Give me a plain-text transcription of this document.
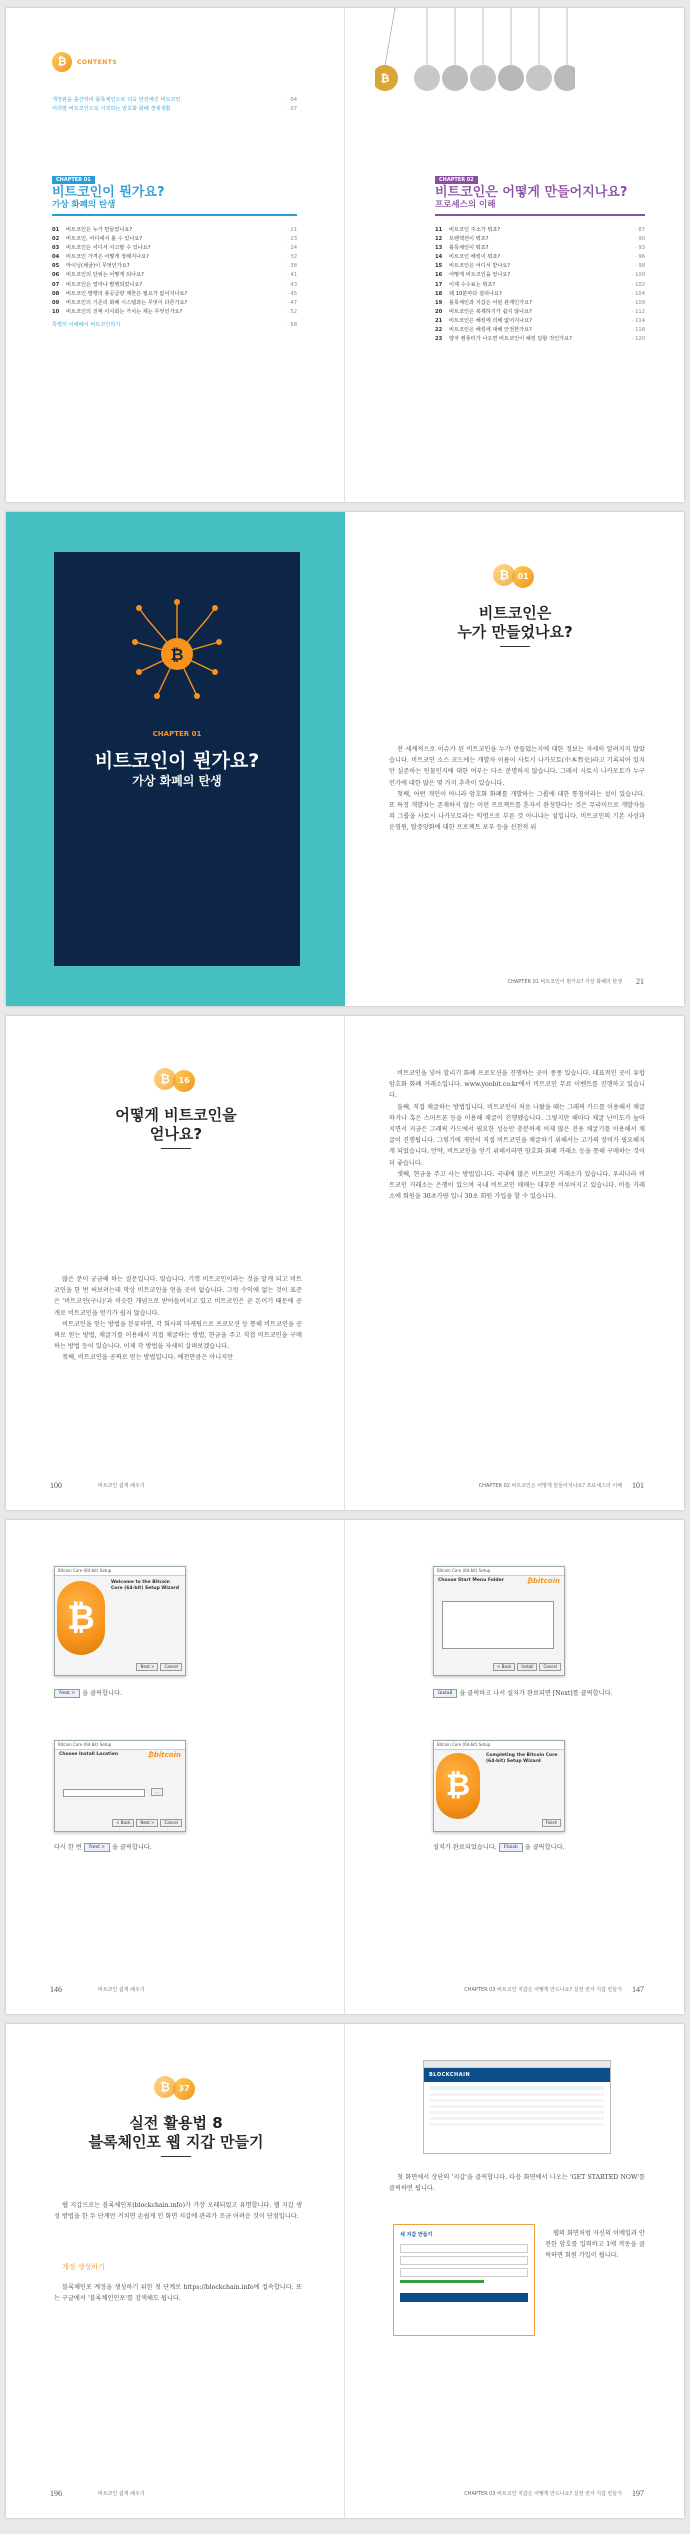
₿	CONTENTS
개정판을 출간하며 블록체인으로 더욱 안전해진 비트코인	· 04
머리말 비트코인으로 시작하는 암호화 화폐 경제생활	· 07
CHAPTER 01
비트코인이 뭔가요?
가상 화폐의 탄생
01	비트코인은 누가 만들었나요?	· 21
02	비트코인, 어디에서 볼 수 있나요?	· 23
03	비트코인은 어디서 사고팔 수 있나요?	· 24
04	비트코인 가격은 어떻게 정해지나요?	· 32
05	마이닝(채굴)이 무엇인가요?	· 38
06	비트코인의 단위는 어떻게 되나요?	· 41
07	비트코인은 얼마나 발행되었나요?	· 43
08	비트코인 발행의 총공급량 제한은 필요가 없어지나요?	· 45
09	비트코인의 기존의 화폐 시스템과는 무엇이 다른가요?	· 47
10	비트코인의 진짜 이사회는 가치는 재는 무엇인가요?	· 52
특별히 이해해서 비트코인하기	· 58
₿
CHAPTER 02
비트코인은 어떻게 만들어지나요?
프로세스의 이해
11	비트코인 주소가 뭐죠?	· 87
12	트랜잭션이 뭐죠?	· 90
13	블록체인이 뭐죠?	· 93
14	비트코인 해킹이 뭐죠?	· 96
15	비트코인은 어디서 받나요?	· 98
16	어떻게 비트코인을 얻나요?	· 100
17	이제 수수료는 뭐죠?	· 102
18	왜 10분마다 걸리나요?	· 104
19	블록체인과 지갑은 어떤 관계인가요?	· 109
20	비트코인은 복제하기가 쉽지 않나요?	· 112
21	비트코인은 해킹에 의해 없어지나요?	· 114
22	비트코인은 해킹에 대해 안전한가요?	· 116
23	양자 컴퓨터가 나오면 비트코인이 해킹 당할 것인가요?	· 120
₿
CHAPTER 01
비트코인이 뭔가요?
가상 화폐의 탄생
₿ 01
비트코인은
누가 만들었나요?

전 세계적으로 이슈가 된 비트코인을 누가 만들었는지에 대한 정보는 자세히 알려지지 않았습니다. 비트코인 소스 코드에는 개발자 이름이 사토시 나카모토(中本哲史)라고 기록되어 있지만 실존하는 인물인지에 대한 여부는 다소 분명하지 않습니다. 그래서 사토시 나카모토가 누구인가에 대한 많은 몇 가지 추측이 있습니다.

첫째, 어떤 개인이 아니라 암호화 화폐를 개발하는 그룹에 대한 통칭이라는 설이 있습니다. 또 특정 개발자는 존재하지 않는 이런 프로젝트를 혼자서 완성한다는 것은 무리이므로 개발자들의 그룹을 사토시 나카모토라는 익명으로 부른 것 아니냐는 설입니다. 비트코인의 기본 사상과 운영원, 탈중앙화에 대한 프로젝트 포부 등을 선천적 위

CHAPTER 01 비트코인이 뭔가요? 가상 화폐의 탄생 21
₿ 16
어떻게 비트코인을
얻나요?

많은 분이 궁금해 하는 질문입니다. 맞습니다. 기껏 비트코인이라는 것을 알게 되고 비트코인을 한 번 써보려는데 막상 비트코인을 얻을 곳이 없습니다. 그럼 수익에 없는 것이 표준은 '비트코인(구나)'과 비슷한 개념으로 받아들여지고 있고 비트코인은 곧 돈이기 때문에 공개로 비트코인을 얻기가 쉽지 않습니다.

비트코인을 얻는 방법을 분류하면, 각 회사의 마케팅으로 프로모션 등 통해 비트코인을 공짜로 얻는 방법, 채굴기를 이용해서 직접 채굴하는 방법, 현금을 주고 직접 비트코인을 구매하는 방법 등이 있습니다. 이제 각 방법을 자세히 살펴보겠습니다.

첫째, 비트코인을 공짜로 얻는 방법입니다. 예전만큼은 아니지만

100	비트코인 쉽게 배우기

비트코인을 넣어 알리기 화폐 프로모션을 진행하는 곳이 종종 있습니다. 대표적인 곳이 유럽 암호화 화폐 거래소입니다. www.yoobit.co.kr에서 비트코인 무료 이벤트를 진행하고 있습니다.

둘째, 직접 채굴하는 방법입니다. 비트코인이 처음 나왔을 때는 그래픽 카드를 이용해서 채굴하거나 혹은 스마트폰 등을 이용해 채굴이 진행됐습니다. 그렇지만 해마다 채굴 난이도가 높아지면서 지금은 그래픽 카드에서 필요한 성능만 충분하게 이제 많은 전용 채굴기를 이용해서 채굴이 진행됩니다. 그렇기에 개인이 직접 비트코인을 채굴하기 위해서는 고가의 장비가 필요해지게 되었습니다. 만약, 비트코인을 얻기 위해서라면 암호화 화폐 거래소 등을 통해 구매하는 것이 더 좋습니다.

셋째, 현금을 주고 사는 방법입니다. 국내에 많은 비트코인 거래소가 있습니다. 우리나라 비트코인 거래소는 은행이 있으며 국내 비트코인 매매는 대부분 이루어지고 있습니다. 이들 거래소에 회원을 30초가량 입니 30초 회원 가입을 할 수 있습니다.

CHAPTER 02 비트코인은 어떻게 만들어지나요? 프로세스의 이해 101
Bitcoin Core (64-bit) Setup
₿
Welcome to the Bitcoin Core (64-bit) Setup Wizard
Next >	Cancel
Next > 을 클릭합니다.
Bitcoin Core (64-bit) Setup
Choose Install Location	₿bitcoin
...
< Back	Next >	Cancel
다시 한 번 Next > 을 클릭합니다.
146	비트코인 쉽게 배우기
Bitcoin Core (64-bit) Setup
Choose Start Menu Folder	₿bitcoin
< Back	Install	Cancel
Install 을 클릭하고 나서 설치가 완료되면 [Next]를 클릭합니다.
Bitcoin Core (64-bit) Setup
₿
Completing the Bitcoin Core (64-bit) Setup Wizard
Finish
설치가 완료되었습니다. Finish 을 클릭합니다.
CHAPTER 03 비트코인 지갑은 어떻게 만드나요? 실전 전자 지갑 만들기 147
₿ 37
실전 활용법 8
블록체인포 웹 지갑 만들기

웹 지갑으로는 블록체인포(blockchain.info)가 가장 오래되었고 유명합니다. 웹 지갑 생성 방법을 한 두 단계만 거치면 손쉽게 인 화면 지갑에 관리가 조금 어려운 것이 단점입니다.

계정 생성하기

블록체인포 계정을 생성하기 위한 첫 단계로 https://blockchain.info에 접속합니다. 또는 구글에서 '블록체인인포'를 검색해도 됩니다.

196	비트코인 쉽게 배우기
BLOCKCHAIN

첫 화면에서 상단의 '지갑'을 클릭합니다. 다음 화면에서 나오는 'GET STARTED NOW'를 클릭하면 됩니다.

새 지갑 만들기	웹의 화면처럼 자신의 이메일과 안전한 암호를 입력하고 1에 작동을 클릭하면 회원 가입이 됩니다.

CHAPTER 03 비트코인 지갑은 어떻게 만드나요? 실전 전자 지갑 만들기 197
